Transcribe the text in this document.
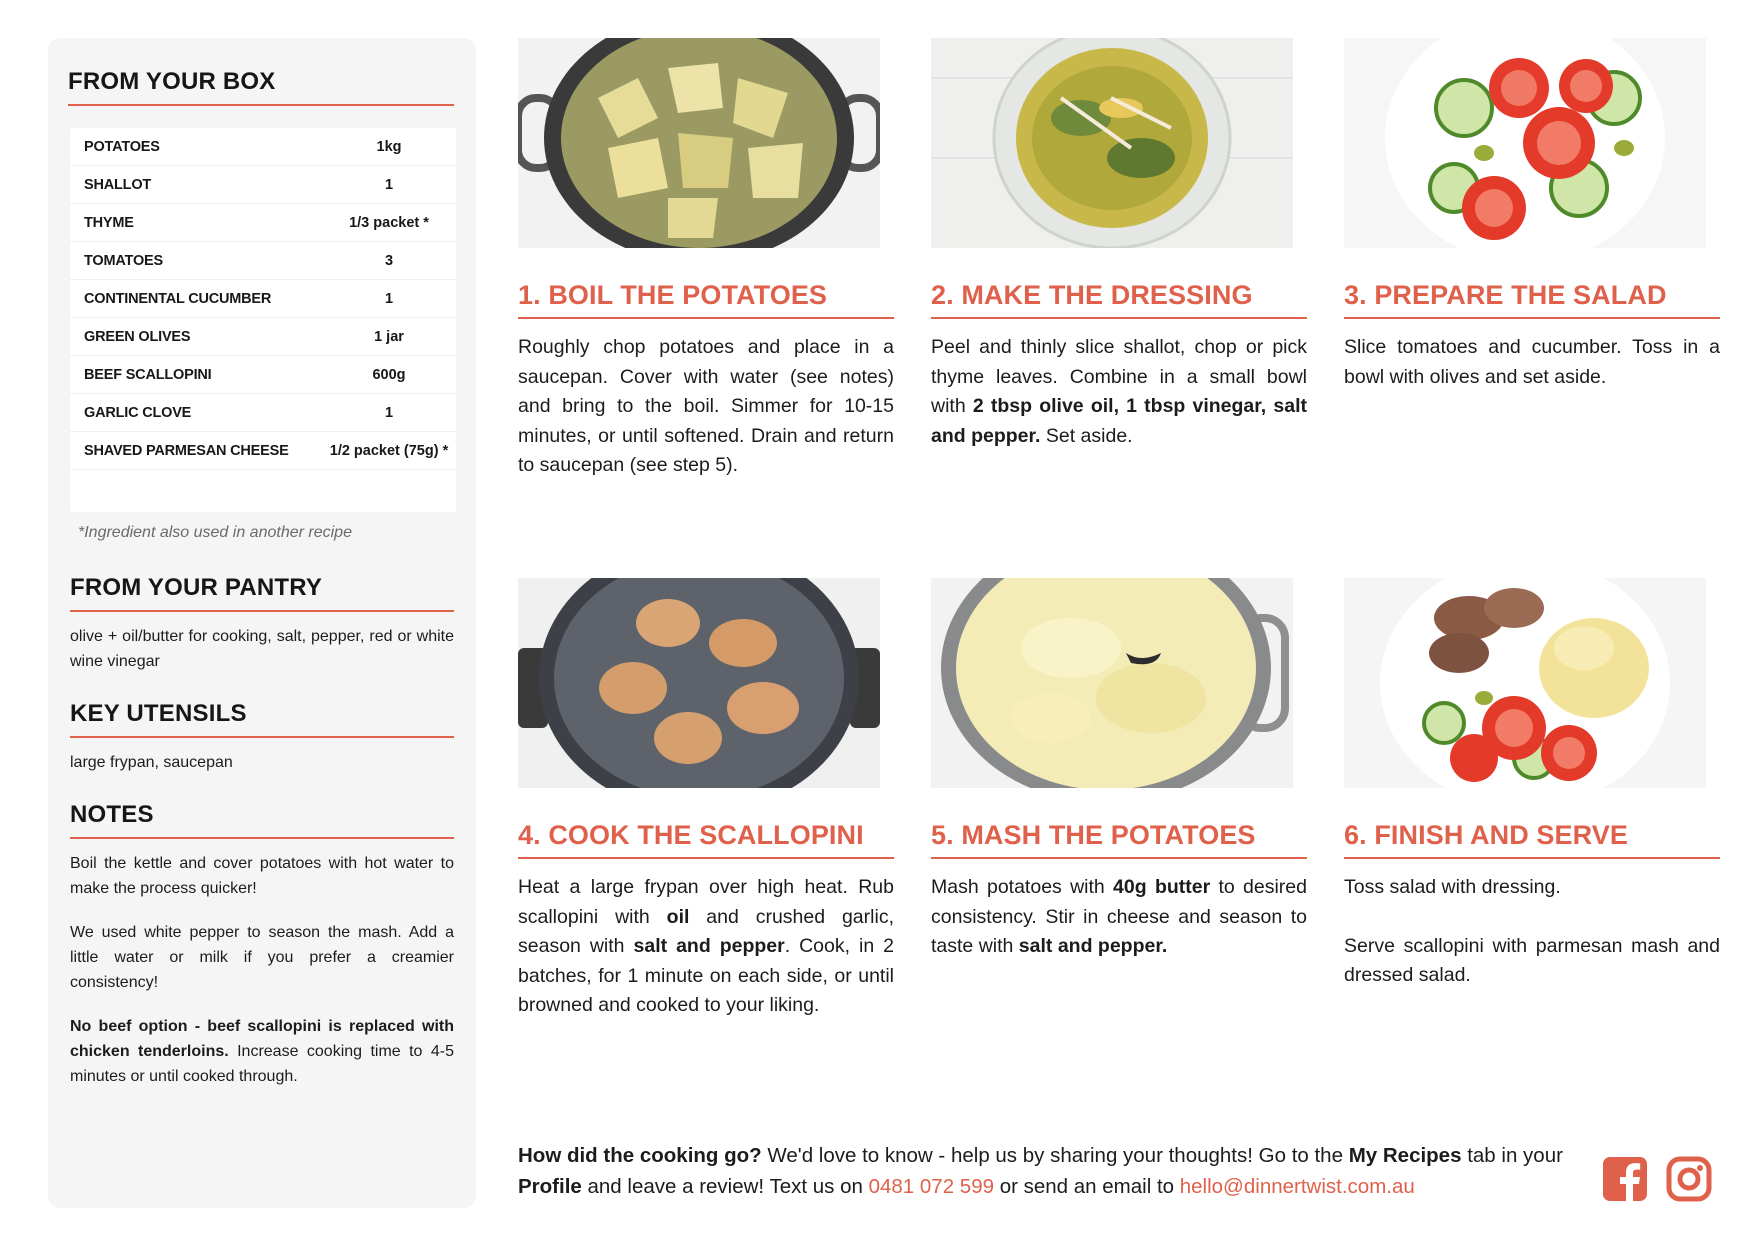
FROM YOUR BOX
POTATOES	1kg
SHALLOT	1
THYME	1/3 packet *
TOMATOES	3
CONTINENTAL CUCUMBER	1
GREEN OLIVES	1 jar
BEEF SCALLOPINI	600g
GARLIC CLOVE	1
SHAVED PARMESAN CHEESE	1/2 packet (75g) *
*Ingredient also used in another recipe
FROM YOUR PANTRY
olive + oil/butter for cooking, salt, pepper, red or white wine vinegar
KEY UTENSILS
large frypan, saucepan
NOTES

Boil the kettle and cover potatoes with hot water to make the process quicker!

We used white pepper to season the mash. Add a little water or milk if you prefer a creamier consistency!

No beef option - beef scallopini is replaced with chicken tenderloins. Increase cooking time to 4-5 minutes or until cooked through.

1. BOIL THE POTATOES
Roughly chop potatoes and place in a saucepan. Cover with water (see notes) and bring to the boil. Simmer for 10-15 minutes, or until softened. Drain and return to saucepan (see step 5).
2. MAKE THE DRESSING
Peel and thinly slice shallot, chop or pick thyme leaves. Combine in a small bowl with 2 tbsp olive oil, 1 tbsp vinegar, salt and pepper. Set aside.
3. PREPARE THE SALAD
Slice tomatoes and cucumber. Toss in a bowl with olives and set aside.
4. COOK THE SCALLOPINI
Heat a large frypan over high heat. Rub scallopini with oil and crushed garlic, season with salt and pepper. Cook, in 2 batches, for 1 minute on each side, or until browned and cooked to your liking.
5. MASH THE POTATOES
Mash potatoes with 40g butter to desired consistency. Stir in cheese and season to taste with salt and pepper.
6. FINISH AND SERVE

Toss salad with dressing.

Serve scallopini with parmesan mash and dressed salad.

How did the cooking go? We'd love to know - help us by sharing your thoughts! Go to the My Recipes tab in your Profile and leave a review! Text us on 0481 072 599 or send an email to hello@dinnertwist.com.au
